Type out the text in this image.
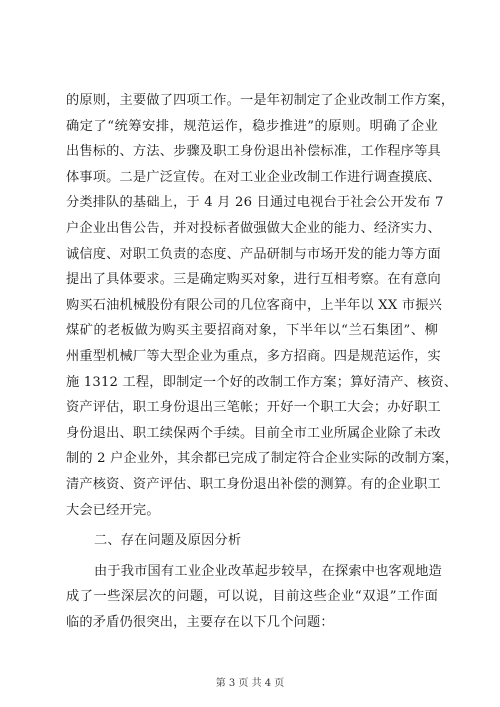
的原则，主要做了四项工作。一是年初制定了企业改制工作方案，
确定了“统筹安排，规范运作，稳步推进”的原则。明确了企业
出售标的、方法、步骤及职工身份退出补偿标准，工作程序等具
体事项。二是广泛宣传。在对工业企业改制工作进行调查摸底、
分类排队的基础上，于 4 月 26 日通过电视台于社会公开发布 7
户企业出售公告，并对投标者做强做大企业的能力、经济实力、
诚信度、对职工负责的态度、产品研制与市场开发的能力等方面
提出了具体要求。三是确定购买对象，进行互相考察。在有意向
购买石油机械股份有限公司的几位客商中，上半年以 XX 市振兴
煤矿的老板做为购买主要招商对象，下半年以“兰石集团”、柳
州重型机械厂等大型企业为重点，多方招商。四是规范运作，实
施 1312 工程，即制定一个好的改制工作方案；算好清产、核资、
资产评估，职工身份退出三笔帐；开好一个职工大会；办好职工
身份退出、职工续保两个手续。目前全市工业所属企业除了未改
制的 2 户企业外，其余都已完成了制定符合企业实际的改制方案，
清产核资、资产评估、职工身份退出补偿的测算。有的企业职工
大会已经开完。
二、存在问题及原因分析
由于我市国有工业企业改革起步较早，在探索中也客观地造
成了一些深层次的问题，可以说，目前这些企业“双退”工作面
临的矛盾仍很突出，主要存在以下几个问题：
第 3 页 共 4 页
